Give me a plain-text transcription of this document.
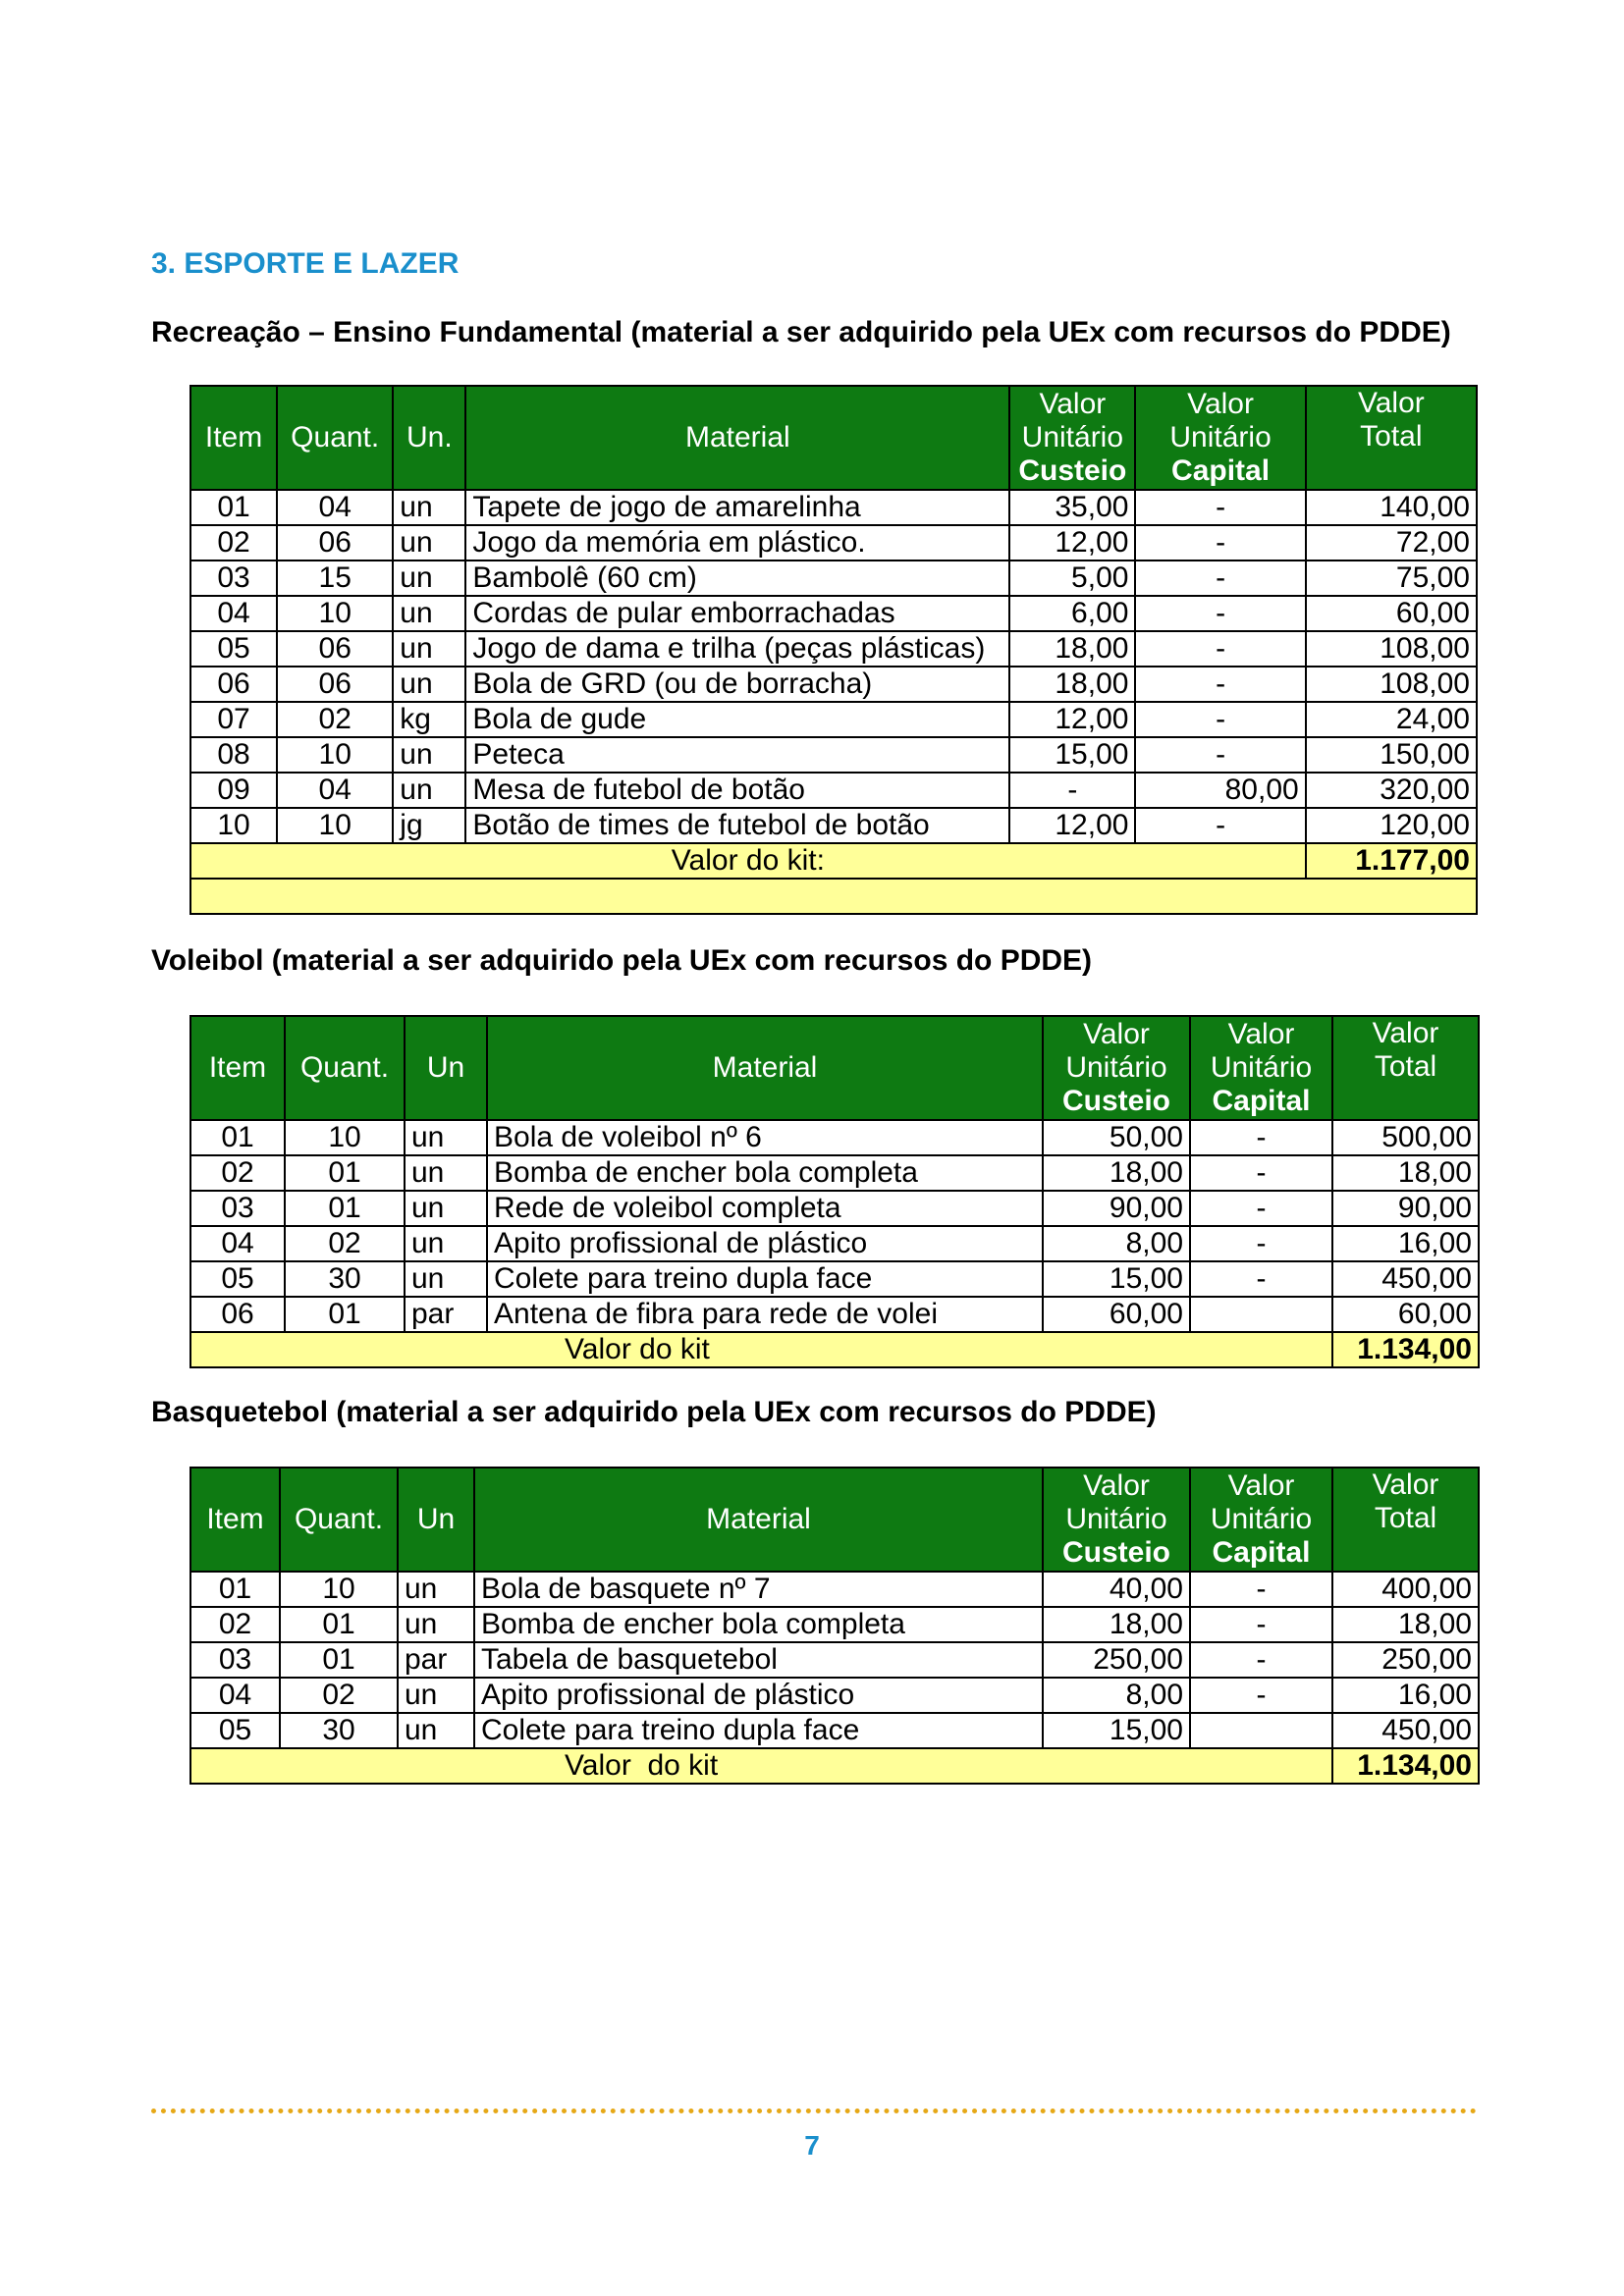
3. ESPORTE E LAZER

Recreação – Ensino Fundamental (material a ser adquirido pela UEx com recursos do PDDE)

Item	Quant.	Un.	Material	Valor
Unitário
Custeio	Valor
Unitário
Capital	Valor
Total
01	04	un	Tapete de jogo de amarelinha	35,00	-	140,00
02	06	un	Jogo da memória em plástico.	12,00	-	72,00
03	15	un	Bambolê (60 cm)	5,00	-	75,00
04	10	un	Cordas de pular emborrachadas	6,00	-	60,00
05	06	un	Jogo de dama e trilha (peças plásticas)	18,00	-	108,00
06	06	un	Bola de GRD (ou de borracha)	18,00	-	108,00
07	02	kg	Bola de gude	12,00	-	24,00
08	10	un	Peteca	15,00	-	150,00
09	04	un	Mesa de futebol de botão	-	80,00	320,00
10	10	jg	Botão de times de futebol de botão	12,00	-	120,00
Valor do kit:						1.177,00

Voleibol (material a ser adquirido pela UEx com recursos do PDDE)

Item	Quant.	Un	Material	Valor
Unitário
Custeio	Valor
Unitário
Capital	Valor
Total
01	10	un	Bola de voleibol nº 6	50,00	-	500,00
02	01	un	Bomba de encher bola completa	18,00	-	18,00
03	01	un	Rede de voleibol completa	90,00	-	90,00
04	02	un	Apito profissional de plástico	8,00	-	16,00
05	30	un	Colete para treino dupla face	15,00	-	450,00
06	01	par	Antena de fibra para rede de volei	60,00		60,00
Valor do kit						1.134,00

Basquetebol (material a ser adquirido pela UEx com recursos do PDDE)

Item	Quant.	Un	Material	Valor
Unitário
Custeio	Valor
Unitário
Capital	Valor
Total
01	10	un	Bola de basquete nº 7	40,00	-	400,00
02	01	un	Bomba de encher bola completa	18,00	-	18,00
03	01	par	Tabela de basquetebol	250,00	-	250,00
04	02	un	Apito profissional de plástico	8,00	-	16,00
05	30	un	Colete para treino dupla face	15,00		450,00
Valor  do kit						1.134,00
7
